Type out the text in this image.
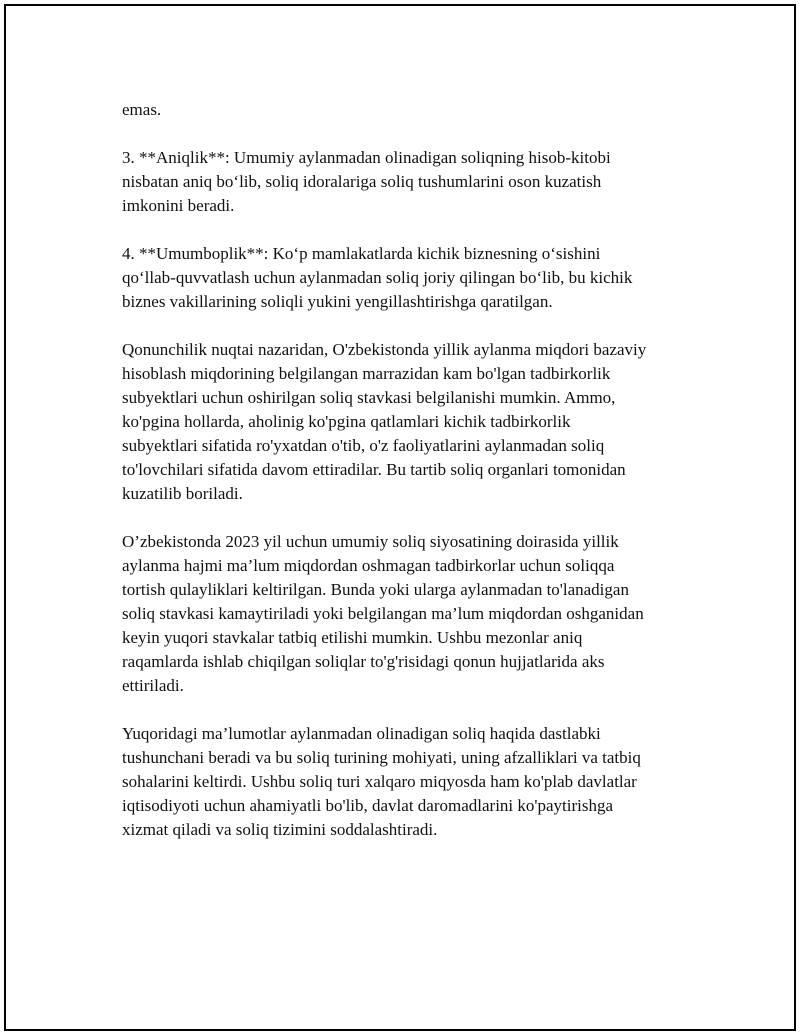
emas.

3. **Aniqlik**: Umumiy aylanmadan olinadigan soliqning hisob-kitobi
nisbatan aniq bo‘lib, soliq idoralariga soliq tushumlarini oson kuzatish
imkonini beradi.

4. **Umumboplik**: Ko‘p mamlakatlarda kichik biznesning o‘sishini
qo‘llab-quvvatlash uchun aylanmadan soliq joriy qilingan bo‘lib, bu kichik
biznes vakillarining soliqli yukini yengillashtirishga qaratilgan.

Qonunchilik nuqtai nazaridan, O'zbekistonda yillik aylanma miqdori bazaviy
hisoblash miqdorining belgilangan marrazidan kam bo'lgan tadbirkorlik
subyektlari uchun oshirilgan soliq stavkasi belgilanishi mumkin. Ammo,
ko'pgina hollarda, aholinig ko'pgina qatlamlari kichik tadbirkorlik
subyektlari sifatida ro'yxatdan o'tib, o'z faoliyatlarini aylanmadan soliq
to'lovchilari sifatida davom ettiradilar. Bu tartib soliq organlari tomonidan
kuzatilib boriladi.

O’zbekistonda 2023 yil uchun umumiy soliq siyosatining doirasida yillik
aylanma hajmi ma’lum miqdordan oshmagan tadbirkorlar uchun soliqqa
tortish qulayliklari keltirilgan. Bunda yoki ularga aylanmadan to'lanadigan
soliq stavkasi kamaytiriladi yoki belgilangan ma’lum miqdordan oshganidan
keyin yuqori stavkalar tatbiq etilishi mumkin. Ushbu mezonlar aniq
raqamlarda ishlab chiqilgan soliqlar to'g'risidagi qonun hujjatlarida aks
ettiriladi.

Yuqoridagi ma’lumotlar aylanmadan olinadigan soliq haqida dastlabki
tushunchani beradi va bu soliq turining mohiyati, uning afzalliklari va tatbiq
sohalarini keltirdi. Ushbu soliq turi xalqaro miqyosda ham ko'plab davlatlar
iqtisodiyoti uchun ahamiyatli bo'lib, davlat daromadlarini ko'paytirishga
xizmat qiladi va soliq tizimini soddalashtiradi.
